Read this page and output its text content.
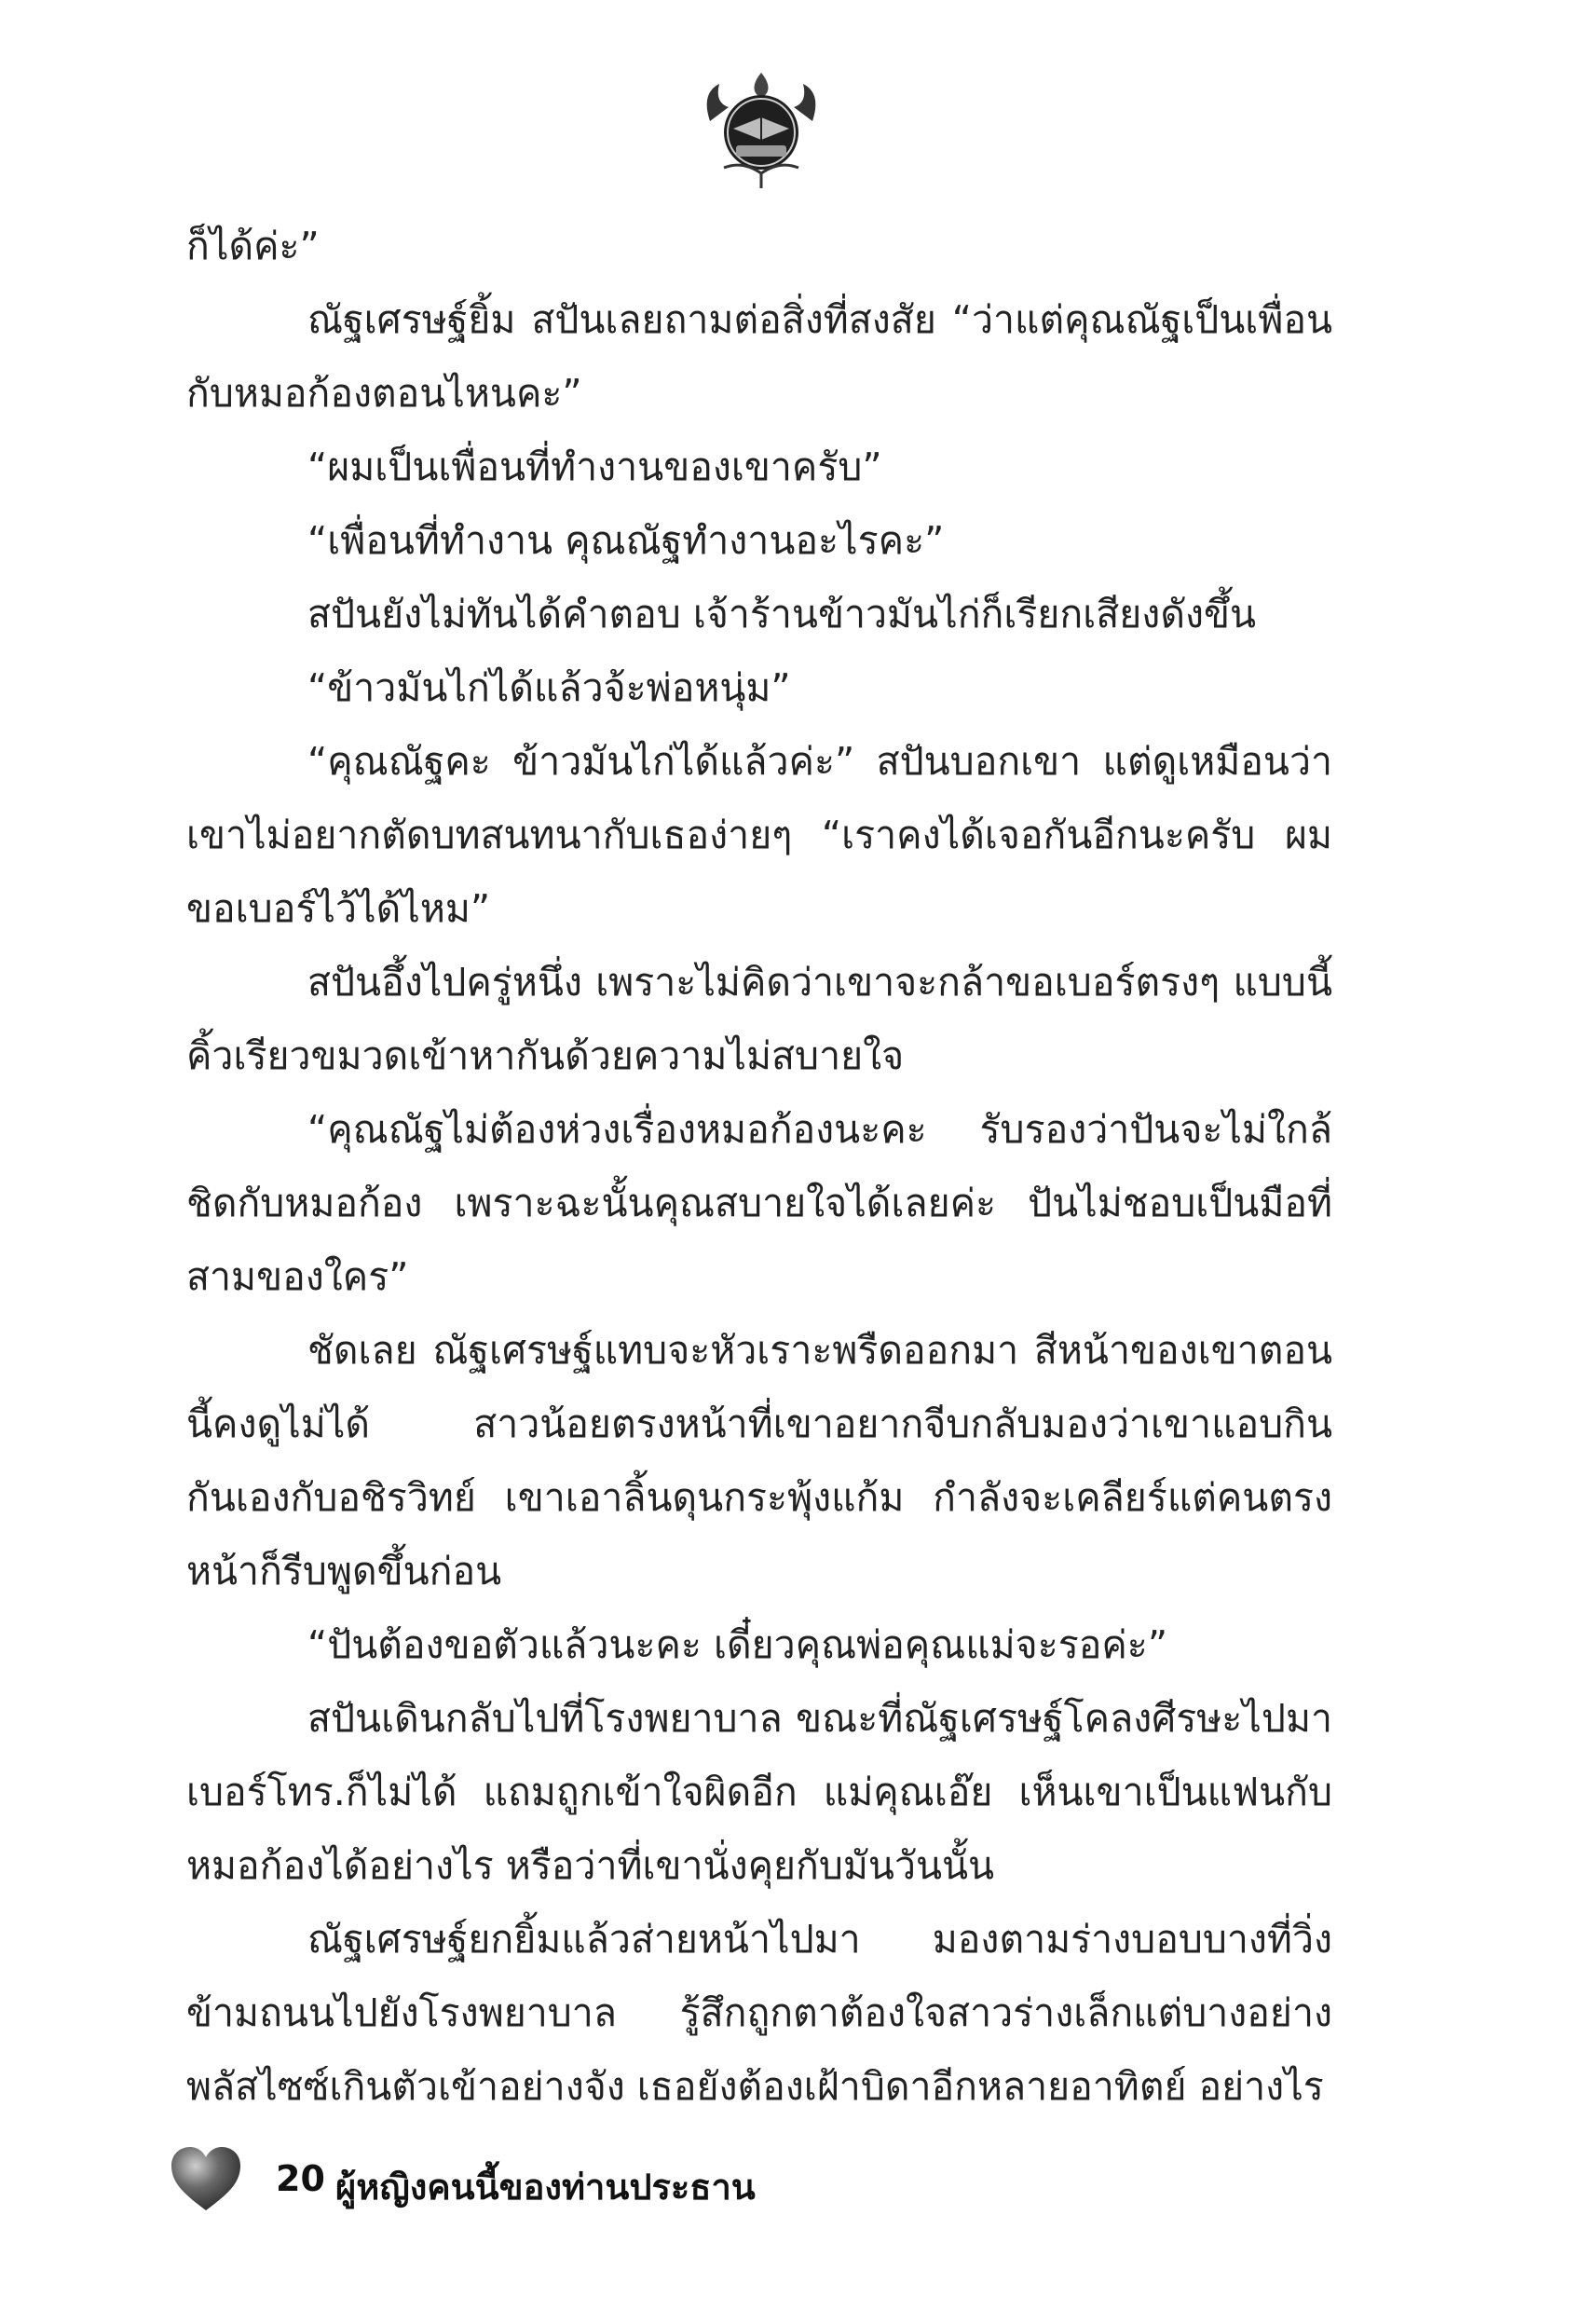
ก็ได้ค่ะ”

ณัฐเศรษฐ์ยิ้ม สปันเลยถามต่อสิ่งที่สงสัย “ว่าแต่คุณณัฐเป็นเพื่อนกับหมอก้องตอนไหนคะ”

“ผมเป็นเพื่อนที่ทำงานของเขาครับ”

“เพื่อนที่ทำงาน คุณณัฐทำงานอะไรคะ”

สปันยังไม่ทันได้คำตอบ เจ้าร้านข้าวมันไก่ก็เรียกเสียงดังขึ้น

“ข้าวมันไก่ได้แล้วจ้ะพ่อหนุ่ม”

“คุณณัฐคะ ข้าวมันไก่ได้แล้วค่ะ” สปันบอกเขา แต่ดูเหมือนว่าเขาไม่อยากตัดบทสนทนากับเธอง่ายๆ “เราคงได้เจอกันอีกนะครับ ผมขอเบอร์ไว้ได้ไหม”

สปันอึ้งไปครู่หนึ่ง เพราะไม่คิดว่าเขาจะกล้าขอเบอร์ตรงๆ แบบนี้ คิ้วเรียวขมวดเข้าหากันด้วยความไม่สบายใจ

“คุณณัฐไม่ต้องห่วงเรื่องหมอก้องนะคะ รับรองว่าปันจะไม่ใกล้ชิดกับหมอก้อง เพราะฉะนั้นคุณสบายใจได้เลยค่ะ ปันไม่ชอบเป็นมือที่สามของใคร”

ชัดเลย ณัฐเศรษฐ์แทบจะหัวเราะพรืดออกมา สีหน้าของเขาตอนนี้คงดูไม่ได้ สาวน้อยตรงหน้าที่เขาอยากจีบกลับมองว่าเขาแอบกินกันเองกับอชิรวิทย์ เขาเอาลิ้นดุนกระพุ้งแก้ม กำลังจะเคลียร์แต่คนตรงหน้าก็รีบพูดขึ้นก่อน

“ปันต้องขอตัวแล้วนะคะ เดี๋ยวคุณพ่อคุณแม่จะรอค่ะ”

สปันเดินกลับไปที่โรงพยาบาล ขณะที่ณัฐเศรษฐ์โคลงศีรษะไปมา เบอร์โทร.ก็ไม่ได้ แถมถูกเข้าใจผิดอีก แม่คุณเอ๊ย เห็นเขาเป็นแฟนกับหมอก้องได้อย่างไร หรือว่าที่เขานั่งคุยกับมันวันนั้น

ณัฐเศรษฐ์ยกยิ้มแล้วส่ายหน้าไปมา มองตามร่างบอบบางที่วิ่งข้ามถนนไปยังโรงพยาบาล รู้สึกถูกตาต้องใจสาวร่างเล็กแต่บางอย่างพลัสไซซ์เกินตัวเข้าอย่างจัง เธอยังต้องเฝ้าบิดาอีกหลายอาทิตย์ อย่างไร

20 ผู้หญิงคนนี้ของท่านประธาน
